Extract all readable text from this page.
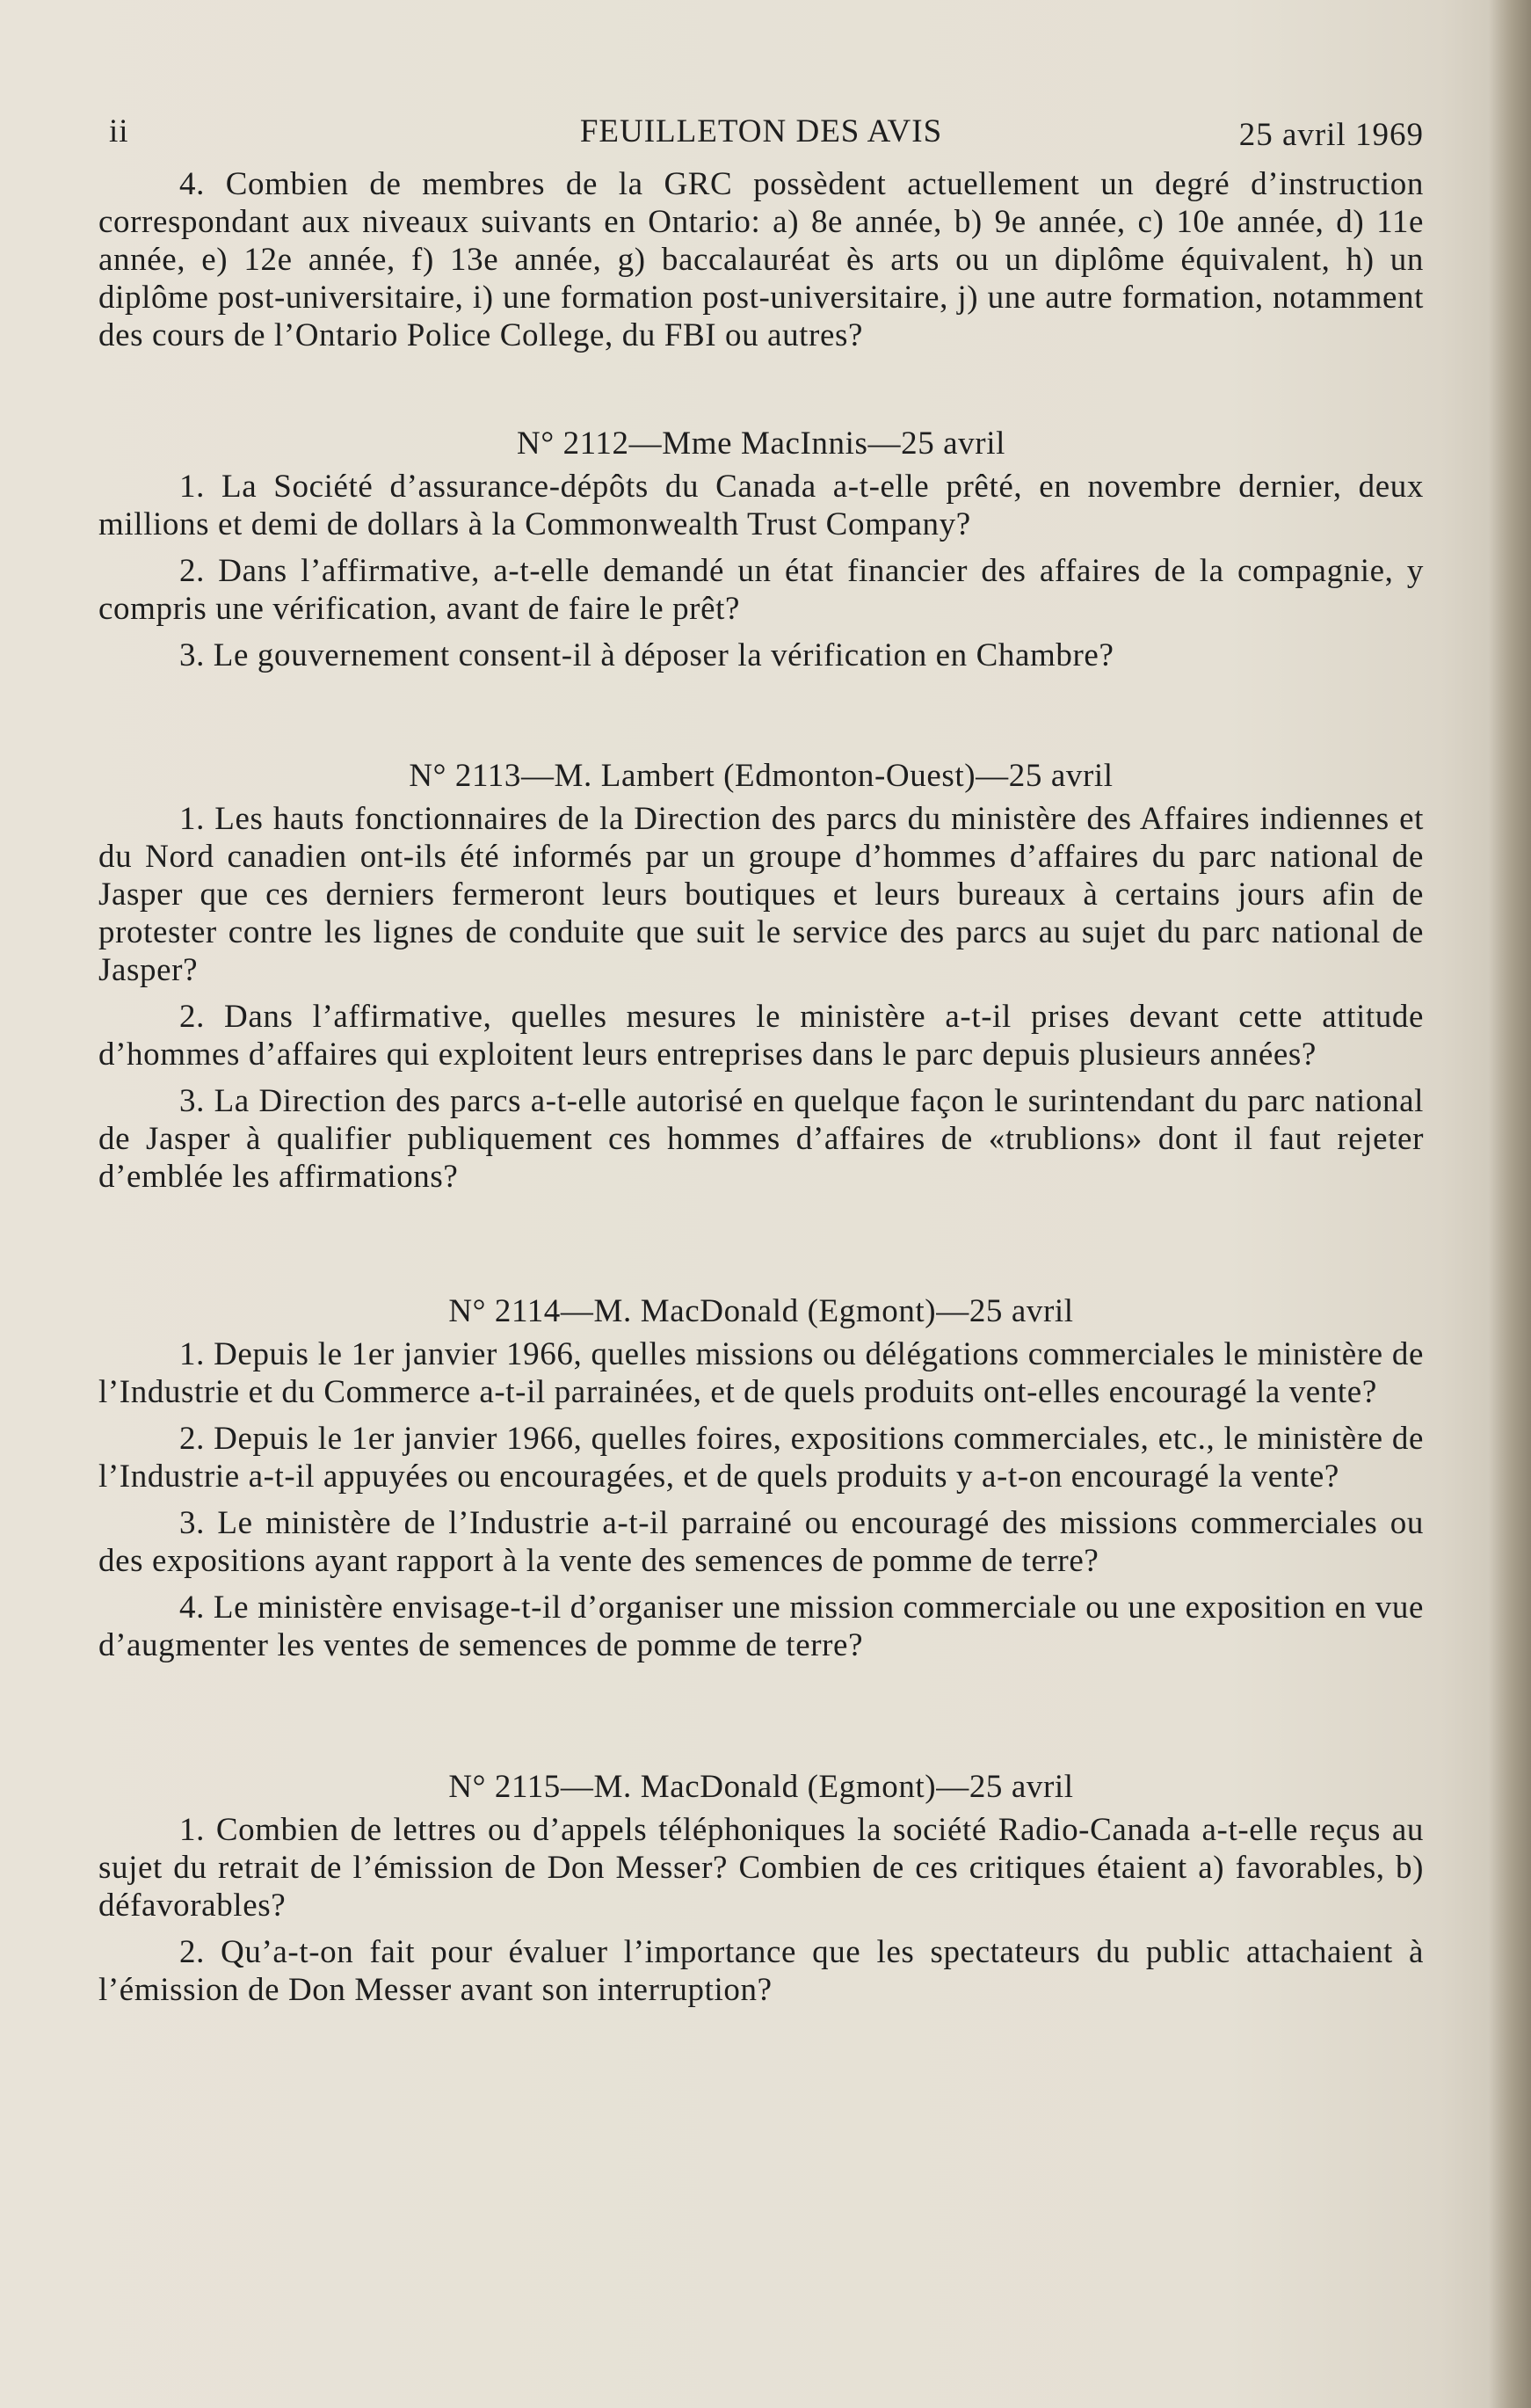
ii	FEUILLETON DES AVIS	25 avril 1969

4. Combien de membres de la GRC possèdent actuellement un degré d’instruction correspondant aux niveaux suivants en Ontario: a) 8e année, b) 9e année, c) 10e année, d) 11e année, e) 12e année, f) 13e année, g) baccalauréat ès arts ou un diplôme équivalent, h) un diplôme post-universitaire, i) une formation post-universitaire, j) une autre formation, notamment des cours de l’Ontario Police College, du FBI ou autres?

N° 2112—Mme MacInnis—25 avril

1. La Société d’assurance-dépôts du Canada a-t-elle prêté, en novembre dernier, deux millions et demi de dollars à la Commonwealth Trust Company?

2. Dans l’affirmative, a-t-elle demandé un état financier des affaires de la compagnie, y compris une vérification, avant de faire le prêt?

3. Le gouvernement consent-il à déposer la vérification en Chambre?

N° 2113—M. Lambert (Edmonton-Ouest)—25 avril

1. Les hauts fonctionnaires de la Direction des parcs du ministère des Affaires indiennes et du Nord canadien ont-ils été informés par un groupe d’hommes d’affaires du parc national de Jasper que ces derniers fermeront leurs boutiques et leurs bureaux à certains jours afin de protester contre les lignes de conduite que suit le service des parcs au sujet du parc national de Jasper?

2. Dans l’affirmative, quelles mesures le ministère a-t-il prises devant cette attitude d’hommes d’affaires qui exploitent leurs entreprises dans le parc depuis plusieurs années?

3. La Direction des parcs a-t-elle autorisé en quelque façon le surintendant du parc national de Jasper à qualifier publiquement ces hommes d’affaires de «trublions» dont il faut rejeter d’emblée les affirmations?

N° 2114—M. MacDonald (Egmont)—25 avril

1. Depuis le 1er janvier 1966, quelles missions ou délégations commerciales le ministère de l’Industrie et du Commerce a-t-il parrainées, et de quels produits ont-elles encouragé la vente?

2. Depuis le 1er janvier 1966, quelles foires, expositions commerciales, etc., le ministère de l’Industrie a-t-il appuyées ou encouragées, et de quels produits y a-t-on encouragé la vente?

3. Le ministère de l’Industrie a-t-il parrainé ou encouragé des missions commerciales ou des expositions ayant rapport à la vente des semences de pomme de terre?

4. Le ministère envisage-t-il d’organiser une mission commerciale ou une exposition en vue d’augmenter les ventes de semences de pomme de terre?

N° 2115—M. MacDonald (Egmont)—25 avril

1. Combien de lettres ou d’appels téléphoniques la société Radio-Canada a-t-elle reçus au sujet du retrait de l’émission de Don Messer? Combien de ces critiques étaient a) favorables, b) défavorables?

2. Qu’a-t-on fait pour évaluer l’importance que les spectateurs du public attachaient à l’émission de Don Messer avant son interruption?
